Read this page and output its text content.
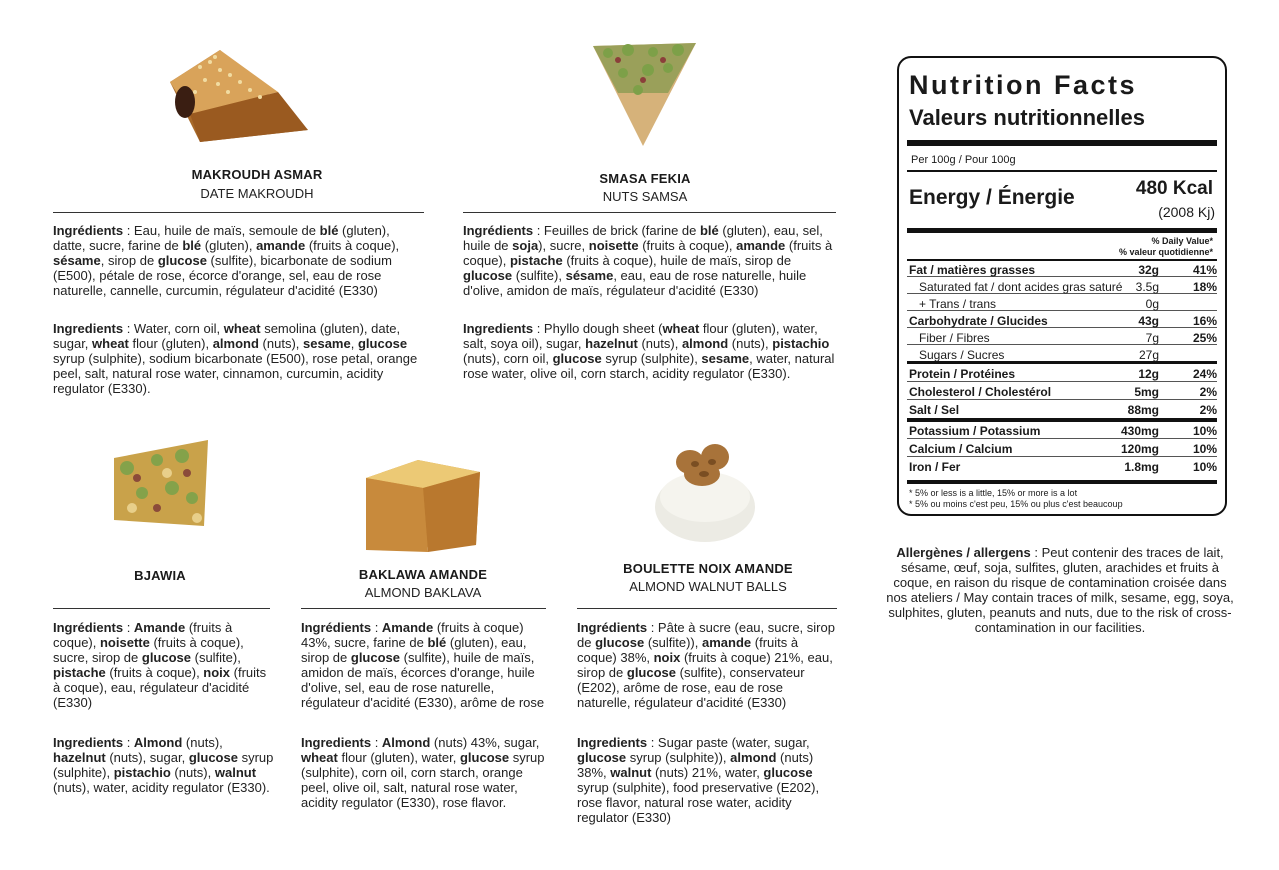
MAKROUDH ASMAR
DATE MAKROUDH
SMASA FEKIA
NUTS SAMSA
BJAWIA	BAKLAWA AMANDE
ALMOND BAKLAVA
BOULETTE NOIX AMANDE
ALMOND WALNUT BALLS
Ingrédients : Eau, huile de maïs, semoule de blé (gluten), datte, sucre, farine de blé (gluten), amande (fruits à coque), sésame, sirop de glucose (sulfite), bicarbonate de sodium (E500), pétale de rose, écorce d'orange, sel, eau de rose naturelle, cannelle, curcumin, régulateur d'acidité (E330)
Ingredients : Water, corn oil, wheat semolina (gluten), date, sugar, wheat flour (gluten), almond (nuts), sesame, glucose syrup (sulphite), sodium bicarbonate (E500), rose petal, orange peel, salt, natural rose water, cinnamon, curcumin, acidity regulator (E330).
Ingrédients : Feuilles de brick (farine de blé (gluten), eau, sel, huile de soja), sucre, noisette (fruits à coque), amande (fruits à coque), pistache (fruits à coque), huile de maïs, sirop de glucose (sulfite), sésame, eau, eau de rose naturelle, huile d'olive, amidon de maïs, régulateur d'acidité (E330)
Ingredients : Phyllo dough sheet (wheat flour (gluten), water, salt, soya oil), sugar, hazelnut (nuts), almond (nuts), pistachio (nuts), corn oil, glucose syrup (sulphite), sesame, water, natural rose water, olive oil, corn starch, acidity regulator (E330).
Ingrédients : Amande (fruits à coque), noisette (fruits à coque), sucre, sirop de glucose (sulfite), pistache (fruits à coque), noix (fruits à coque), eau, régulateur d'acidité (E330)
Ingredients : Almond (nuts), hazelnut (nuts), sugar, glucose syrup (sulphite), pistachio (nuts), walnut (nuts), water, acidity regulator (E330).
Ingrédients : Amande (fruits à coque) 43%, sucre, farine de blé (gluten), eau, sirop de glucose (sulfite), huile de maïs, amidon de maïs, écorces d'orange, huile d'olive, sel, eau de rose naturelle, régulateur d'acidité (E330), arôme de rose
Ingredients : Almond (nuts) 43%, sugar, wheat flour (gluten), water, glucose syrup (sulphite), corn oil, corn starch, orange peel, olive oil, salt, natural rose water, acidity regulator (E330), rose flavor.
Ingrédients : Pâte à sucre (eau, sucre, sirop de glucose (sulfite)), amande (fruits à coque) 38%, noix (fruits à coque) 21%, eau, sirop de glucose (sulfite), conservateur (E202), arôme de rose, eau de rose naturelle, régulateur d'acidité (E330)
Ingredients : Sugar paste (water, sugar, glucose syrup (sulphite)), almond (nuts) 38%, walnut (nuts) 21%, water, glucose syrup (sulphite), food preservative (E202), rose flavor, natural rose water, acidity regulator (E330)
Nutrition Facts
Valeurs nutritionnelles
Per 100g / Pour 100g
Energy / Énergie	480 Kcal
(2008 Kj)
% Daily Value*
% valeur quotidienne*
Fat / matières grasses	32g	41%
Saturated fat / dont acides gras saturé	3.5g	18%
+ Trans / trans	0g
Carbohydrate / Glucides	43g	16%
Fiber / Fibres	7g	25%
Sugars / Sucres	27g
Protein / Protéines	12g	24%
Cholesterol / Cholestérol	5mg	2%
Salt / Sel	88mg	2%
Potassium / Potassium	430mg	10%
Calcium / Calcium	120mg	10%
Iron / Fer	1.8mg	10%
* 5% or less is a little, 15% or more is a lot
* 5% ou moins c'est peu, 15% ou plus c'est beaucoup
Allergènes / allergens : Peut contenir des traces de lait, sésame, œuf, soja, sulfites, gluten, arachides et fruits à coque, en raison du risque de contamination croisée dans nos ateliers / May contain traces of milk, sesame, egg, soya, sulphites, gluten, peanuts and nuts, due to the risk of cross-contamination in our facilities.
